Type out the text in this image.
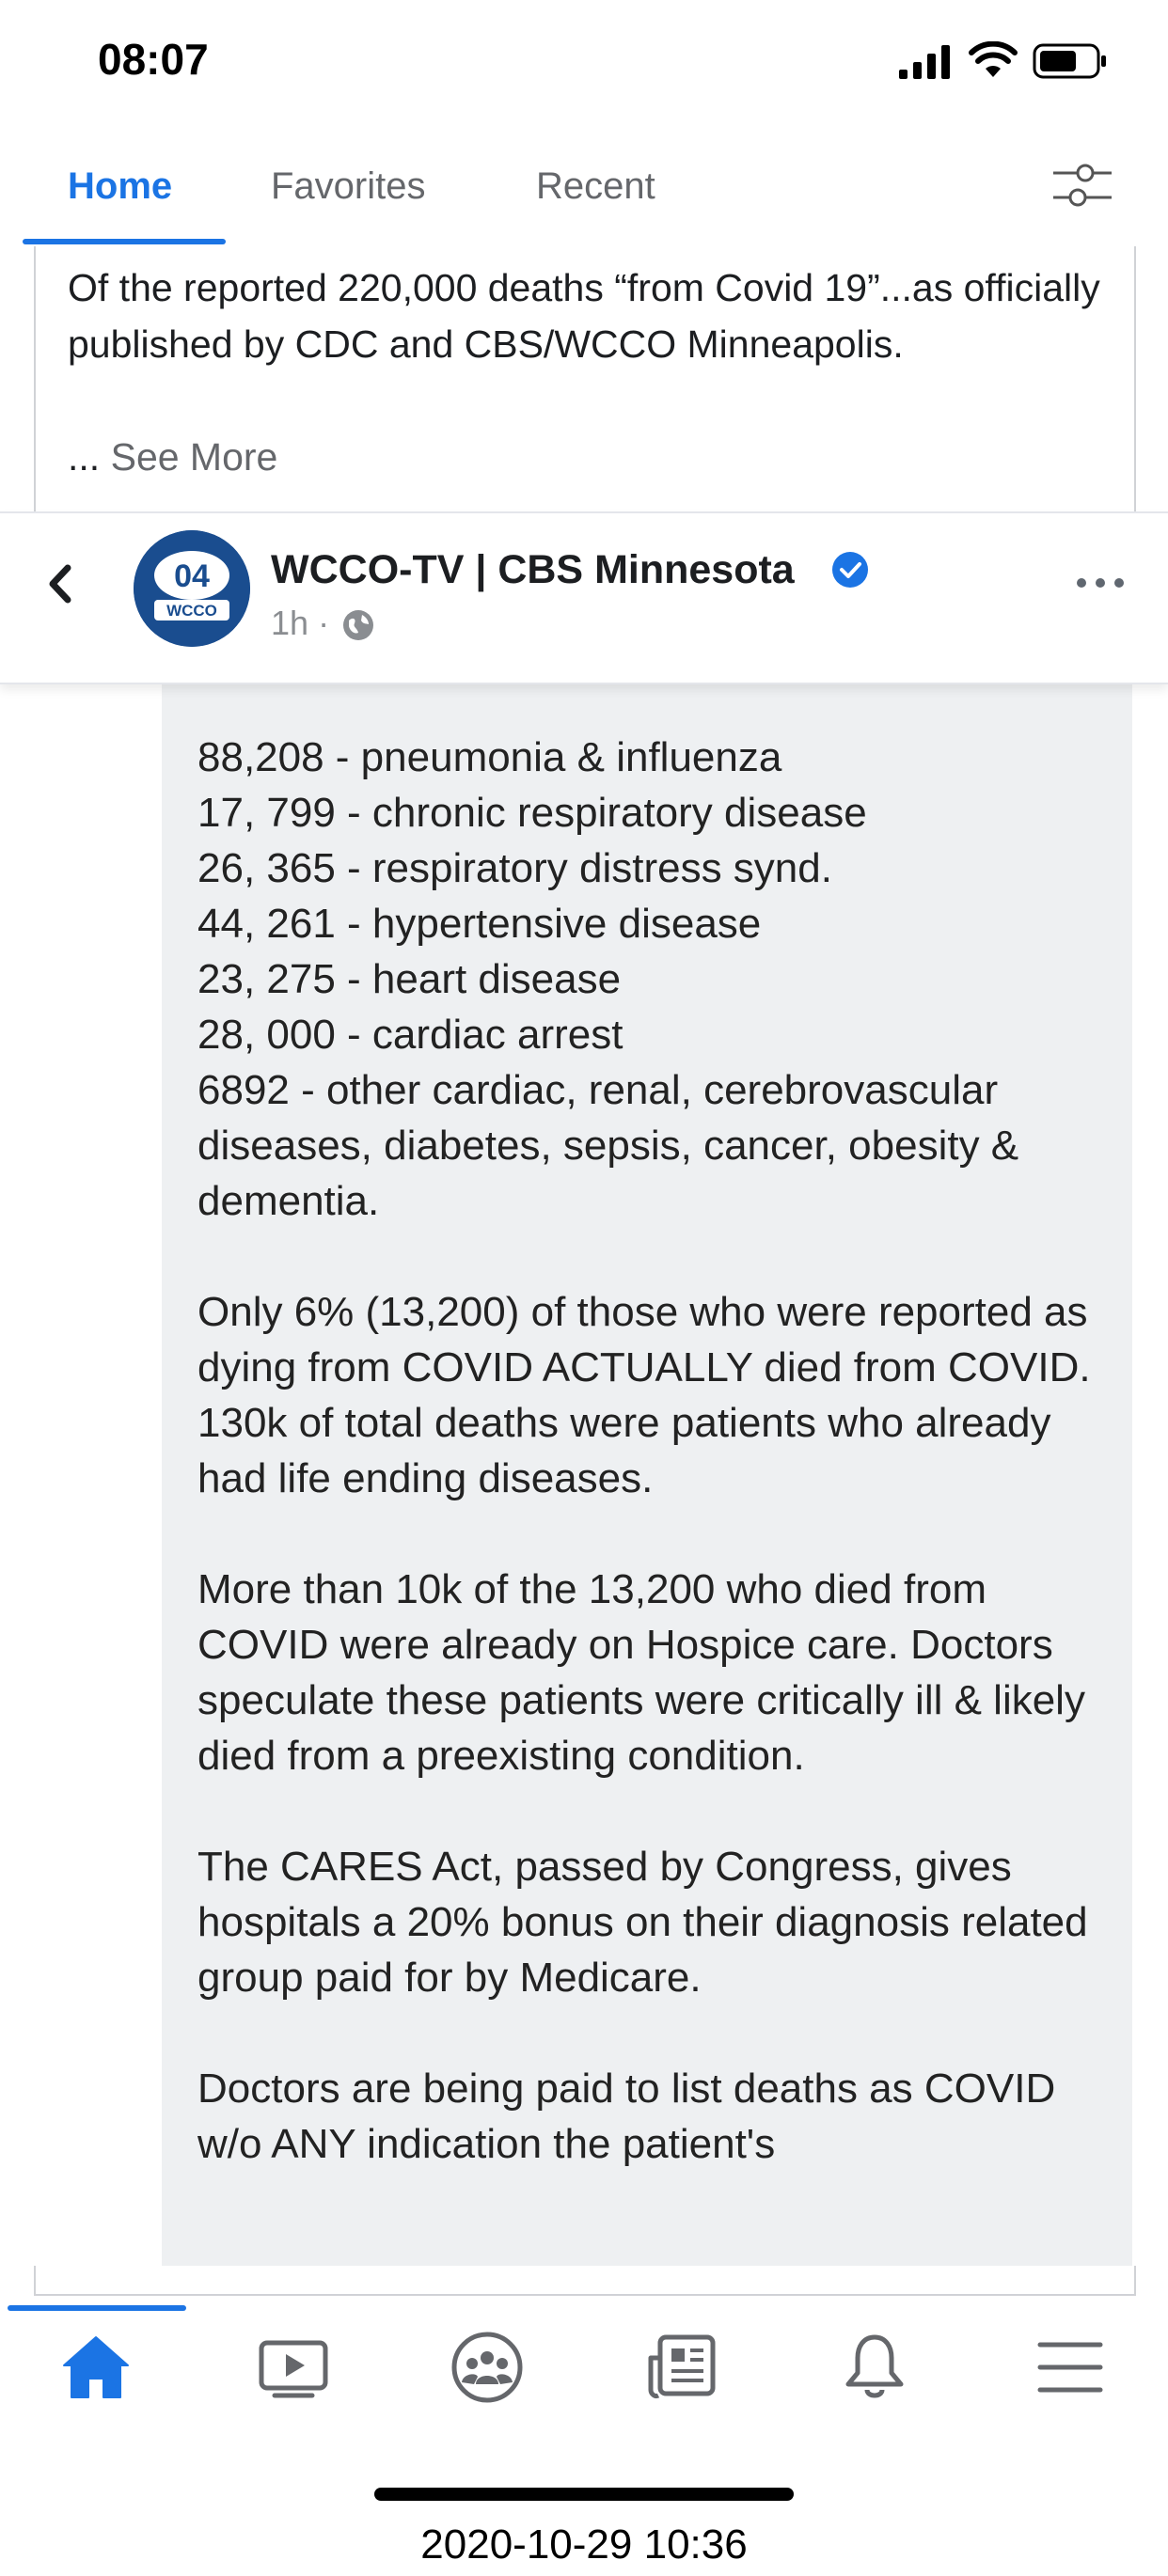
08:07
Home	Favorites	Recent
Of the reported 220,000 deaths “from Covid 19”...as officially published by CDC and CBS/WCCO Minneapolis.
... See More
04
WCCO
WCCO-TV | CBS Minnesota
1h ·
88,208 - pneumonia & influenza
17, 799 - chronic respiratory disease
26, 365 - respiratory distress synd.
44, 261 - hypertensive disease
23, 275 - heart disease
28, 000 - cardiac arrest
6892 - other cardiac, renal, cerebrovascular diseases, diabetes, sepsis, cancer, obesity & dementia.

Only 6% (13,200) of those who were reported as dying from COVID ACTUALLY died from COVID. 130k of total deaths were patients who already had life ending diseases.

More than 10k of the 13,200 who died from COVID were already on Hospice care. Doctors speculate these patients were critically ill & likely died from a preexisting condition.

The CARES Act, passed by Congress, gives hospitals a 20% bonus on their diagnosis related group paid for by Medicare.

Doctors are being paid to list deaths as COVID w/o ANY indication the patient's
2020-10-29 10:36
